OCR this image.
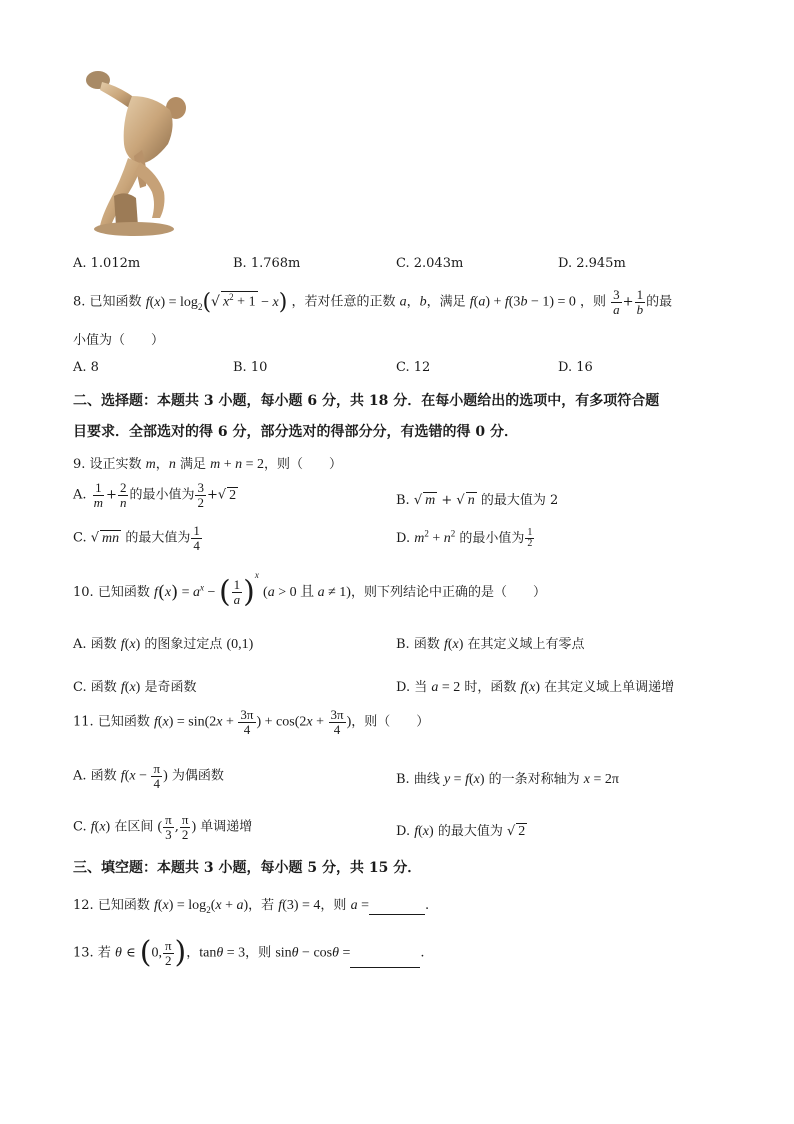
A. 1.012m	B. 1.768m	C. 2.043m	D. 2.945m
8. 已知函数 $f(x) = \log_2(√$ $x^2 + 1 - x$) ，若对任意的正数 a，b，满足 f(a) + f(3b − 1) = 0 ，则 $\frac{3}{a} + \frac{1}{b}$ 的最
小值为（　　）
A. 8	B. 10	C. 12	D. 16
二、选择题：本题共 3 小题，每小题 6 分，共 18 分．在每小题给出的选项中，有多项符合题
目要求．全部选对的得 6 分，部分选对的得部分分，有选错的得 0 分．
9. 设正实数 m，n 满足 m + n = 2，则（　　）
A. $\frac{1}{m} + \frac{2}{n}$ 的最小值为 $\frac{3}{2}$ +√ 2	B. √ m + √ n 的最大值为 2
C. √ mn 的最大值为 $\frac{1}{4}$	D. $m^2 + n^2$ 的最小值为 $\frac{1}{2}$
10. 已知函数 $f(x) = a^x$ − ( $\frac{1}{a} )^x$ (a > 0 且 a ≠ 1)，则下列结论中正确的是（　　）
A. 函数 f(x) 的图象过定点 (0,1)	B. 函数 f(x) 在其定义域上有零点
C. 函数 f(x) 是奇函数	D. 当 a = 2 时，函数 f(x) 在其定义域上单调递增
11. 已知函数 $f(x) = \sin(2x + \frac{3\pi}{4}$ ) + $\cos(2x + \frac{3\pi}{4}$ )，则（　　）
A. 函数 $f(x - \frac{\pi}{4}$ ) 为偶函数	B. 曲线 y = f(x) 的一条对称轴为 x = 2π
C. f(x) 在区间 ( $\frac{\pi}{3}$ , $\frac{\pi}{2}$ ) 单调递增	D. f(x) 的最大值为 √ 2
三、填空题：本题共 3 小题，每小题 5 分，共 15 分．
12. 已知函数 $f(x) = \log_2(x + a)$，若 f(3) = 4，则 a =	.
13. 若 θ ∈ (0, $\frac{\pi}{2}$ )，tanθ = 3，则 sinθ − cosθ =	.
